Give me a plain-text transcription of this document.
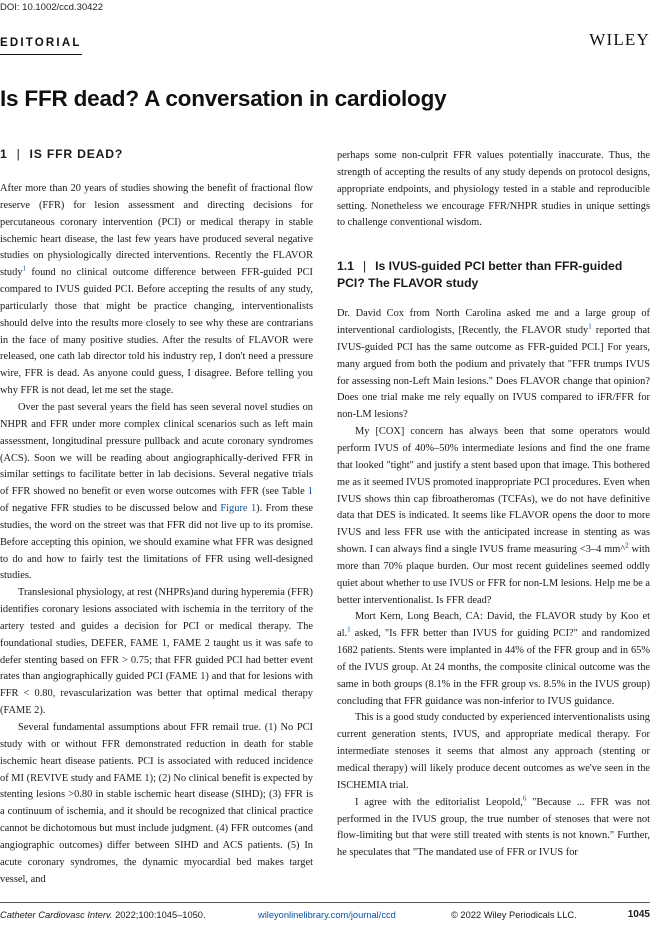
DOI: 10.1002/ccd.30422
EDITORIAL	WILEY
Is FFR dead? A conversation in cardiology
1 | IS FFR DEAD?

After more than 20 years of studies showing the benefit of fractional flow reserve (FFR) for lesion assessment and directing decisions for percutaneous coronary intervention (PCI) or medical therapy in stable ischemic heart disease, the last few years have produced several negative studies on physiologically directed interventions. Recently the FLAVOR study$^1$ found no clinical outcome difference between FFR-guided PCI compared to IVUS guided PCI. Before accepting the results of any study, particularly those that might be practice changing, interventionalists should delve into the results more closely to see why these are contrarians in the face of many positive studies. After the results of FLAVOR were released, one cath lab director told his industry rep, I don't need a pressure wire, FFR is dead. As anyone could guess, I disagree. Before telling you why FFR is not dead, let me set the stage.

Over the past several years the field has seen several novel studies on NHPR and FFR under more complex clinical scenarios such as left main assessment, longitudinal pressure pullback and acute coronary syndromes (ACS). Soon we will be reading about angiographically-derived FFR in similar settings to facilitate better in lab decisions. Several negative trials of FFR showed no benefit or even worse outcomes with FFR (see Table 1 of negative FFR studies to be discussed below and Figure 1). From these studies, the word on the street was that FFR did not live up to its promise. Before accepting this opinion, we should examine what FFR was designed to do and how to fairly test the limitations of FFR using well-designed studies.

Translesional physiology, at rest (NHPRs)and during hyperemia (FFR) identifies coronary lesions associated with ischemia in the territory of the artery tested and guides a decision for PCI or medical therapy. The foundational studies, DEFER, FAME 1, FAME 2 taught us it was safe to defer stenting based on FFR > 0.75; that FFR guided PCI had better event rates than angiographically guided PCI (FAME 1) and that for lesions with FFR < 0.80, revascularization was better that optimal medical therapy (FAME 2).

Several fundamental assumptions about FFR remail true. (1) No PCI study with or without FFR demonstrated reduction in death for stable ischemic heart disease patients. PCI is associated with reduced incidence of MI (REVIVE study and FAME 1); (2) No clinical benefit is expected by stenting lesions >0.80 in stable ischemic heart disease (SIHD); (3) FFR is a continuum of ischemia, and it should be recognized that clinical practice cannot be dichotomous but must include judgment. (4) FFR outcomes (and angiographic outcomes) differ between SIHD and ACS patients. (5) In acute coronary syndromes, the dynamic myocardial bed makes target vessel, and

perhaps some non-culprit FFR values potentially inaccurate. Thus, the strength of accepting the results of any study depends on protocol designs, appropriate endpoints, and physiology tested in a stable and reproducible setting. Nonetheless we encourage FFR/NHPR studies in unique settings to challenge conventional wisdom.

1.1 | Is IVUS-guided PCI better than FFR-guided PCI? The FLAVOR study

Dr. David Cox from North Carolina asked me and a large group of interventional cardiologists, [Recently, the FLAVOR study$^1$ reported that IVUS-guided PCI has the same outcome as FFR-guided PCI.] For years, many argued from both the podium and privately that "FFR trumps IVUS for assessing non-Left Main lesions." Does FLAVOR change that opinion? Does one trial make me rely equally on IVUS compared to iFR/FFR for non-LM lesions?

My [COX] concern has always been that some operators would perform IVUS of 40%–50% intermediate lesions and find the one frame that looked "tight" and justify a stent based upon that image. This bothered me as it seemed IVUS promoted inappropriate PCI procedures. Even when IVUS shows thin cap fibroatheromas (TCFAs), we do not have definitive data that DES is indicated. It seems like FLAVOR opens the door to more IVUS and less FFR use with the anticipated increase in stenting as was shown. I can always find a single IVUS frame measuring <3–4 mm^$^2$ with more than 70% plaque burden. Our most recent guidelines seemed oddly quiet about whether to use IVUS or FFR for non-LM lesions. Help me be a better interventionalist. Is FFR dead?

Mort Kern, Long Beach, CA: David, the FLAVOR study by Koo et al.$^1$ asked, "Is FFR better than IVUS for guiding PCI?" and randomized 1682 patients. Stents were implanted in 44% of the FFR group and in 65% of the IVUS group. At 24 months, the composite clinical outcome was the same in both groups (8.1% in the FFR group vs. 8.5% in the IVUS group) concluding that FFR guidance was non-inferior to IVUS guidance.

This is a good study conducted by experienced interventionalists using current generation stents, IVUS, and appropriate medical therapy. For intermediate stenoses it seems that almost any approach (stenting or medical therapy) will likely produce decent outcomes as we've seen in the ISCHEMIA trial.

I agree with the editorialist Leopold,$^6$ "Because ... FFR was not performed in the IVUS group, the true number of stenoses that were not flow-limiting but that were still treated with stents is not known." Further, he speculates that "The mandated use of FFR or IVUS for

Catheter Cardiovasc Interv. 2022;100:1045–1050.	wileyonlinelibrary.com/journal/ccd	© 2022 Wiley Periodicals LLC.	1045
